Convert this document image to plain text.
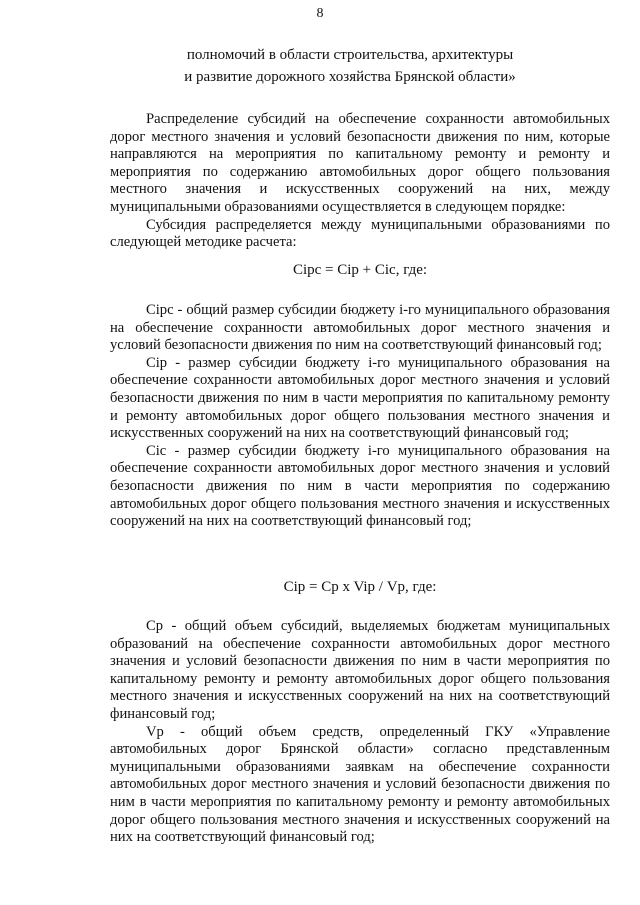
8
полномочий в области строительства, архитектуры
и развитие дорожного хозяйства Брянской области»

Распределение субсидий на обеспечение сохранности автомобильных дорог местного значения и условий безопасности движения по ним, которые направляются на мероприятия по капитальному ремонту и ремонту и мероприятия по содержанию автомобильных дорог общего пользования местного значения и искусственных сооружений на них, между муниципальными образованиями осуществляется в следующем порядке:

Субсидия распределяется между муниципальными образованиями по следующей методике расчета:

Ciрс = Ciр + Ciс, где:

Ciрс - общий размер субсидии бюджету i-го муниципального образования на обеспечение сохранности автомобильных дорог местного значения и условий безопасности движения по ним на соответствующий финансовый год;

Ciр - размер субсидии бюджету i-го муниципального образования на обеспечение сохранности автомобильных дорог местного значения и условий безопасности движения по ним в части мероприятия по капитальному ремонту и ремонту автомобильных дорог общего пользования местного значения и искусственных сооружений на них на соответствующий финансовый год;

Ciс - размер субсидии бюджету i-го муниципального образования на обеспечение сохранности автомобильных дорог местного значения и условий безопасности движения по ним в части мероприятия по содержанию автомобильных дорог общего пользования местного значения и искусственных сооружений на них на соответствующий финансовый год;

Ciр = Cр x Viр / Vр, где:

Cр - общий объем субсидий, выделяемых бюджетам муниципальных образований на обеспечение сохранности автомобильных дорог местного значения и условий безопасности движения по ним в части мероприятия по капитальному ремонту и ремонту автомобильных дорог общего пользования местного значения и искусственных сооружений на них на соответствующий финансовый год;

Vр - общий объем средств, определенный ГКУ «Управление автомобильных дорог Брянской области» согласно представленным муниципальными образованиями заявкам на обеспечение сохранности автомобильных дорог местного значения и условий безопасности движения по ним в части мероприятия по капитальному ремонту и ремонту автомобильных дорог общего пользования местного значения и искусственных сооружений на них на соответствующий финансовый год;
